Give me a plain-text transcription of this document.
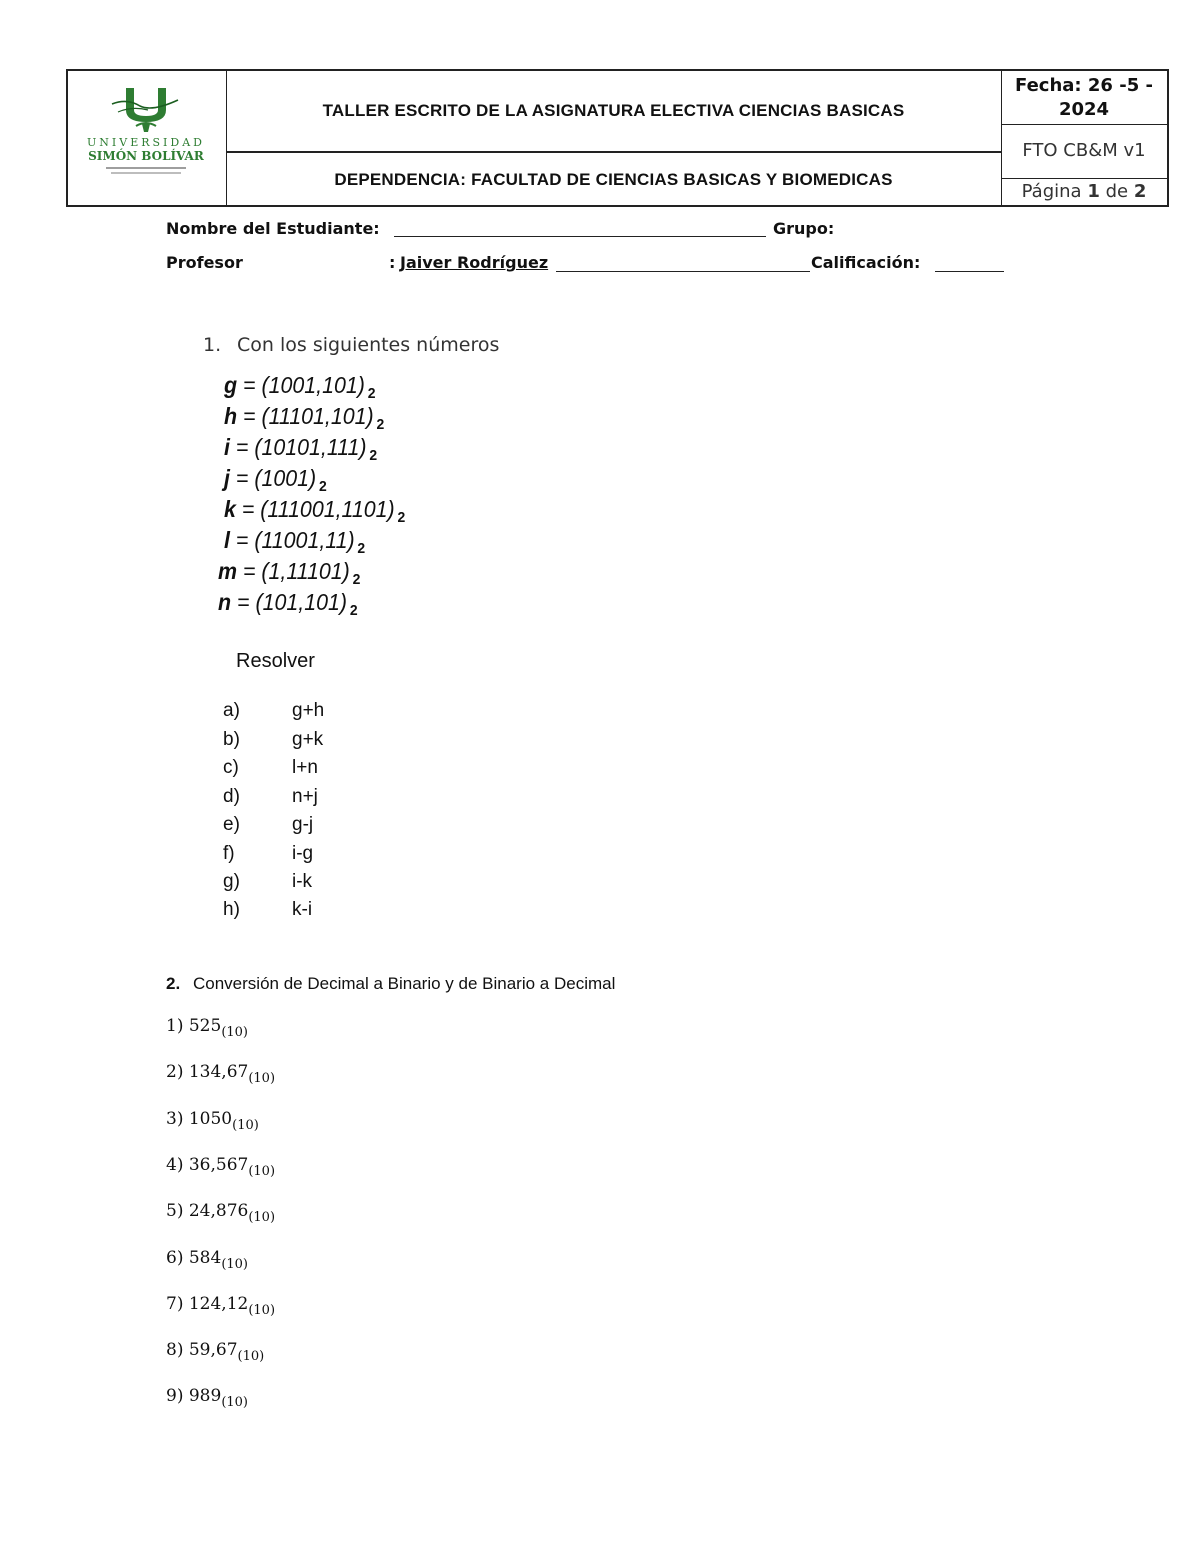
UNIVERSIDAD
SIMÓN BOLÍVAR
TALLER ESCRITO DE LA ASIGNATURA ELECTIVA CIENCIAS BASICAS
DEPENDENCIA: FACULTAD DE CIENCIAS BASICAS Y BIOMEDICAS
Fecha: 26 -5 -
2024
FTO CB&M v1
Página 1 de 2
Nombre del Estudiante:	Grupo:
Profesor	: Jaiver Rodríguez	Calificación:
1. Con los siguientes números
g = (1001,101) $_2$
h = (11101,101) $_2$
i = (10101,111) $_2$
j = (1001) $_2$
k = (111001,1101) $_2$
l = (11001,11) $_2$
m = (1,11101) $_2$
n = (101,101) $_2$
Resolver
a)	g+h
b)	g+k
c)	l+n
d)	n+j
e)	g-j
f)	i-g
g)	i-k
h)	k-i
2. Conversión de Decimal a Binario y de Binario a Decimal
1) $525_{(10)}$
2) $134,67_{(10)}$
3) $1050_{(10)}$
4) $36,567_{(10)}$
5) $24,876_{(10)}$
6) $584_{(10)}$
7) $124,12_{(10)}$
8) $59,67_{(10)}$
9) $989_{(10)}$
